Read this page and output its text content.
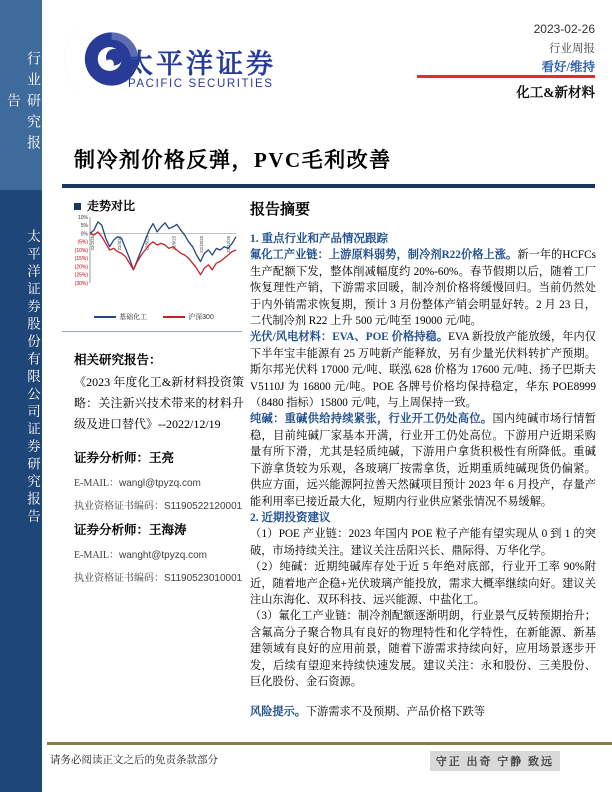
行业研究报告
太平洋证券股份有限公司证券研究报告
太平洋证券
PACIFIC SECURITIES
2023-02-26
行业周报
看好/维持
化工&新材料
制冷剂价格反弹，PVC毛利改善
走势对比
10%
5%
0%
(5%)
(10%)
(15%)
(20%)
(25%)
(30%)
22/2/25	22/4/25	22/6/25	22/8/25	22/10/25	22/12/25
基础化工	沪深300
相关研究报告：
《2023 年度化工&新材料投资策略：关注新兴技术带来的材料升级及进口替代》--2022/12/19

证券分析师：王亮

E-MAIL：wangl@tpyzq.com

执业资格证书编码：S1190522120001

证券分析师：王海涛

E-MAIL：wanght@tpyzq.com

执业资格证书编码：S1190523010001

报告摘要

1. 重点行业和产品情况跟踪

氟化工产业链：上游原料弱势，制冷剂R22价格上涨。新一年的HCFCs 生产配额下发，整体削减幅度约 20%-60%。春节假期以后，随着工厂恢复理性产销，下游需求回暖，制冷剂价格将缓慢回归。当前仍然处于内外销需求恢复期，预计 3 月份整体产销会明显好转。2 月 23 日，二代制冷剂 R22 上升 500 元/吨至 19000 元/吨。

光伏/风电材料：EVA、POE 价格持稳。EVA 新投放产能放缓，年内仅下半年宝丰能源有 25 万吨新产能释放，另有少量光伏料转扩产预期。斯尔邦光伏料 17000 元/吨、联泓 628 价格为 17600 元/吨、扬子巴斯夫 V5110J 为 16800 元/吨。POE 各牌号价格均保持稳定，华东 POE8999（8480 指标）15800 元/吨，与上周保持一致。

纯碱：重碱供给持续紧张，行业开工仍处高位。国内纯碱市场行情暂稳，目前纯碱厂家基本开满，行业开工仍处高位。下游用户近期采购量有所下滑，尤其是轻质纯碱，下游用户拿货积极性有所降低。重碱下游拿货较为乐观，各玻璃厂按需拿货，近期重质纯碱现货仍偏紧。供应方面，远兴能源阿拉善天然碱项目预计 2023 年 6 月投产，存量产能利用率已接近最大化，短期内行业供应紧张情况不易缓解。

2. 近期投资建议

（1）POE 产业链：2023 年国内 POE 粒子产能有望实现从 0 到 1 的突破，市场持续关注。建议关注岳阳兴长、鼎际得、万华化学。

（2）纯碱：近期纯碱库存处于近 5 年绝对底部，行业开工率 90%附近，随着地产企稳+光伏玻璃产能投放，需求大概率继续向好。建议关注山东海化、双环科技、远兴能源、中盐化工。

（3）氟化工产业链：制冷剂配额逐渐明朗，行业景气反转预期抬升；含氟高分子聚合物具有良好的物理特性和化学特性，在新能源、新基建领域有良好的应用前景，随着下游需求持续向好，应用场景逐步开发，后续有望迎来持续快速发展。建议关注：永和股份、三美股份、巨化股份、金石资源。

风险提示。下游需求不及预期、产品价格下跌等

请务必阅读正文之后的免责条款部分	守正 出奇 宁静 致远
